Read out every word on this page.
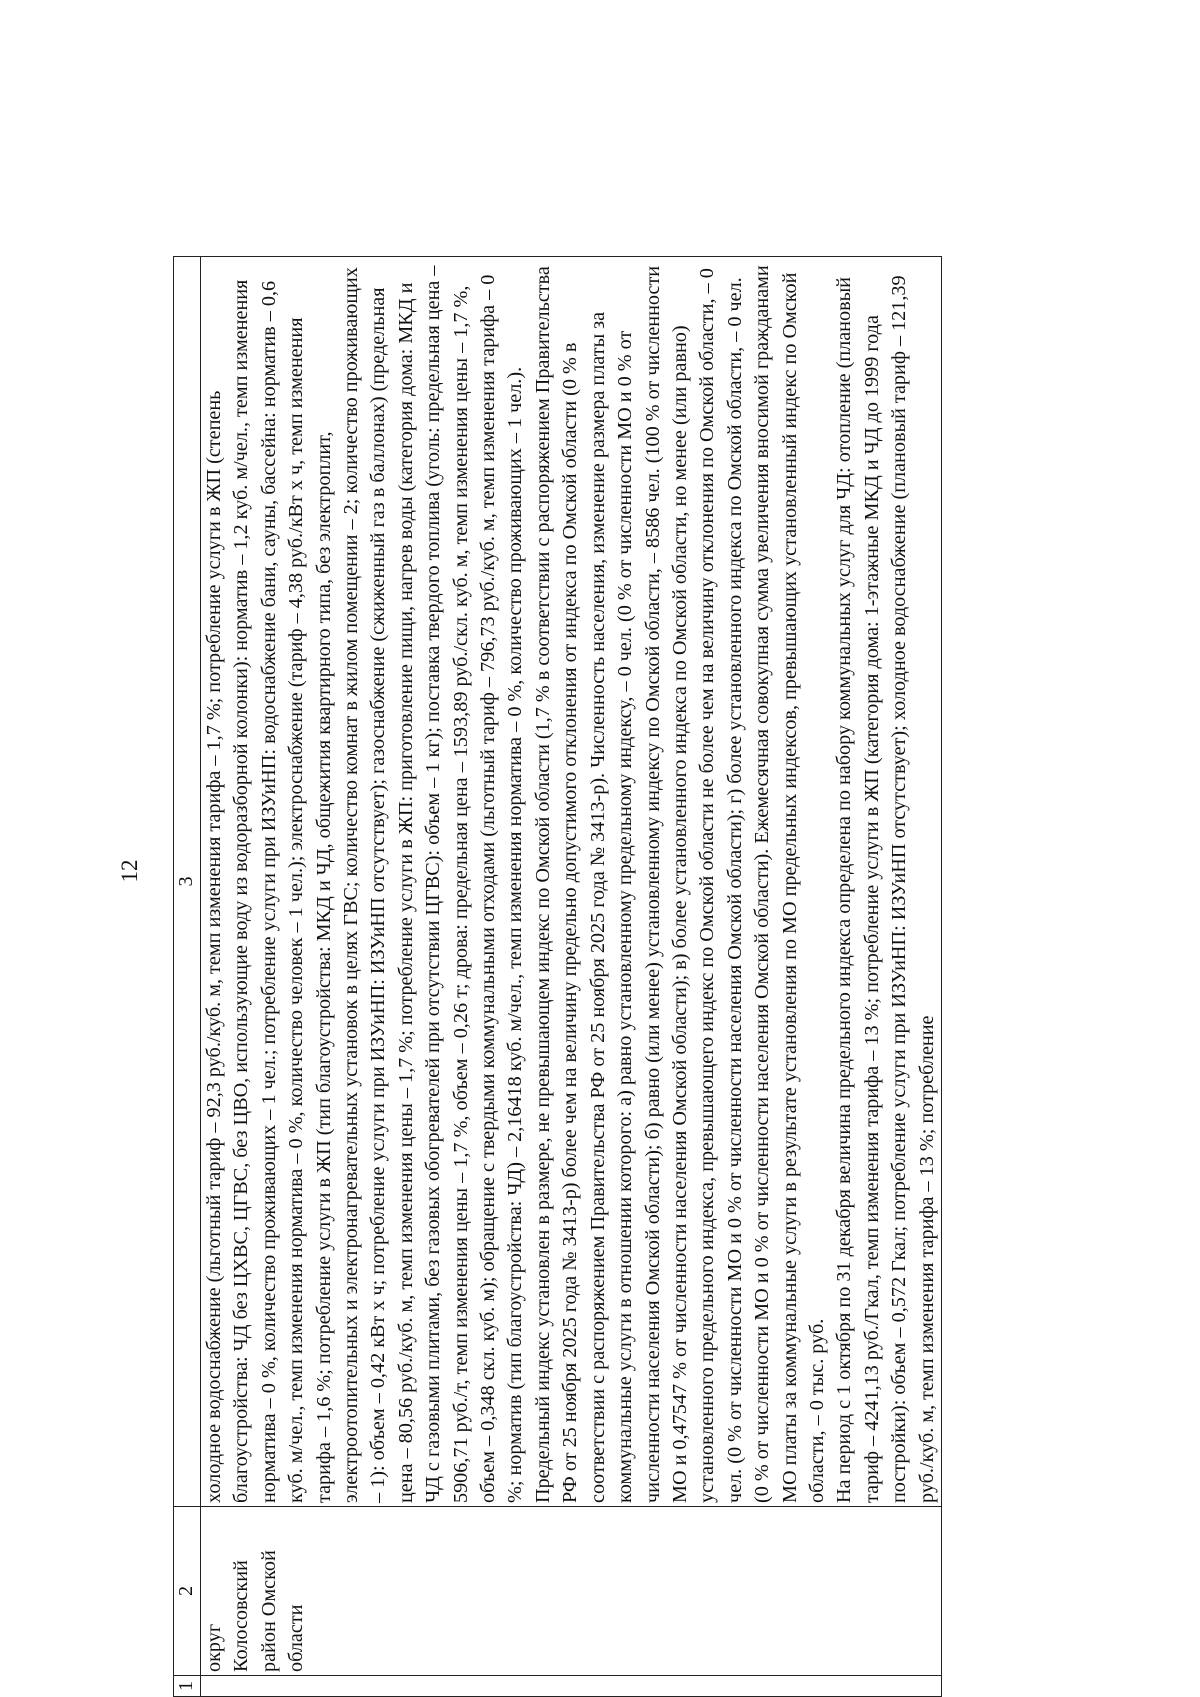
12
1	2	3
	округ Колосовский район Омской области	холодное водоснабжение (льготный тариф – 92,3 руб./куб. м, темп изменения тарифа – 1,7 %; потребление услуги в ЖП (степень благоустройства: ЧД без ЦХВС, ЦГВС, без ЦВО, использующие воду из водоразборной колонки): норматив – 1,2 куб. м/чел., темп изменения норматива – 0 %, количество проживающих – 1 чел.; потребление услуги при ИЗУиНП: водоснабжение бани, сауны, бассейна: норматив – 0,6 куб. м/чел., темп изменения норматива – 0 %, количество человек – 1 чел.); электроснабжение (тариф – 4,38 руб./кВт х ч, темп изменения тарифа – 1,6 %; потребление услуги в ЖП (тип благоустройства: МКД и ЧД, общежития квартирного типа, без электроплит, электроотопительных и электронагревательных установок в целях ГВС; количество комнат в жилом помещении – 2; количество проживающих – 1): объем – 0,42 кВт х ч; потребление услуги при ИЗУиНП: ИЗУиНП отсутствует); газоснабжение (сжиженный газ в баллонах) (предельная цена – 80,56 руб./куб. м, темп изменения цены – 1,7 %; потребление услуги в ЖП: приготовление пищи, нагрев воды (категория дома: МКД и ЧД с газовыми плитами, без газовых обогревателей при отсутствии ЦГВС): объем – 1 кг); поставка твердого топлива (уголь: предельная цена – 5906,71 руб./т, темп изменения цены – 1,7 %, объем – 0,26 т; дрова: предельная цена – 1593,89 руб./скл. куб. м, темп изменения цены – 1,7 %, объем – 0,348 скл. куб. м); обращение с твердыми коммунальными отходами (льготный тариф – 796,73 руб./куб. м, темп изменения тарифа – 0 %; норматив (тип благоустройства: ЧД) – 2,16418 куб. м/чел., темп изменения норматива – 0 %, количество проживающих – 1 чел.). Предельный индекс установлен в размере, не превышающем индекс по Омской области (1,7 % в соответствии с распоряжением Правительства РФ от 25 ноября 2025 года № 3413-р) более чем на величину предельно допустимого отклонения от индекса по Омской области (0 % в соответствии с распоряжением Правительства РФ от 25 ноября 2025 года № 3413-р). Численность населения, изменение размера платы за коммунальные услуги в отношении которого: а) равно установленному предельному индексу, – 0 чел. (0 % от численности МО и 0 % от численности населения Омской области); б) равно (или менее) установленному индексу по Омской области, – 8586 чел. (100 % от численности МО и 0,47547 % от численности населения Омской области); в) более установленного индекса по Омской области, но менее (или равно) установленного предельного индекса, превышающего индекс по Омской области не более чем на величину отклонения по Омской области, – 0 чел. (0 % от численности МО и 0 % от численности населения Омской области); г) более установленного индекса по Омской области, – 0 чел. (0 % от численности МО и 0 % от численности населения Омской области). Ежемесячная совокупная сумма увеличения вносимой гражданами МО платы за коммунальные услуги в результате установления по МО предельных индексов, превышающих установленный индекс по Омской области, – 0 тыс. руб. На период с 1 октября по 31 декабря величина предельного индекса определена по набору коммунальных услуг для ЧД: отопление (плановый тариф – 4241,13 руб./Гкал, темп изменения тарифа – 13 %; потребление услуги в ЖП (категория дома: 1-этажные МКД и ЧД до 1999 года постройки): объем – 0,572 Гкал; потребление услуги при ИЗУиНП: ИЗУиНП отсутствует); холодное водоснабжение (плановый тариф – 121,39 руб./куб. м, темп изменения тарифа – 13 %; потребление
